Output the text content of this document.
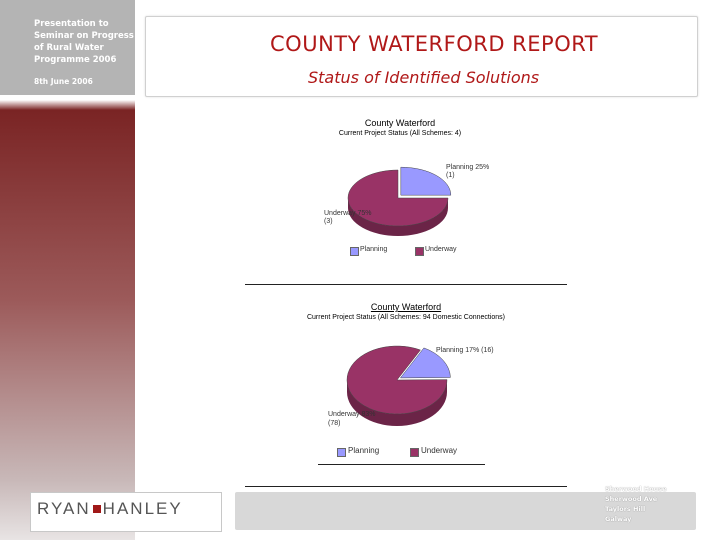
Presentation to
Seminar on Progress
of Rural Water
Programme 2006
8th June 2006
COUNTY WATERFORD REPORT
Status of Identified Solutions
County Waterford
Current Project Status (All Schemes: 4)
Planning 25% (1)
Underway 75% (3)
Planning	Underway
County Waterford
Current Project Status (All Schemes: 94 Domestic Connections)
Planning 17% (16)
Underway 83% (78)
Planning	Underway
RYAN HANLEY
Sherwood House
Sherwood Ave
Taylors Hill
Galway
